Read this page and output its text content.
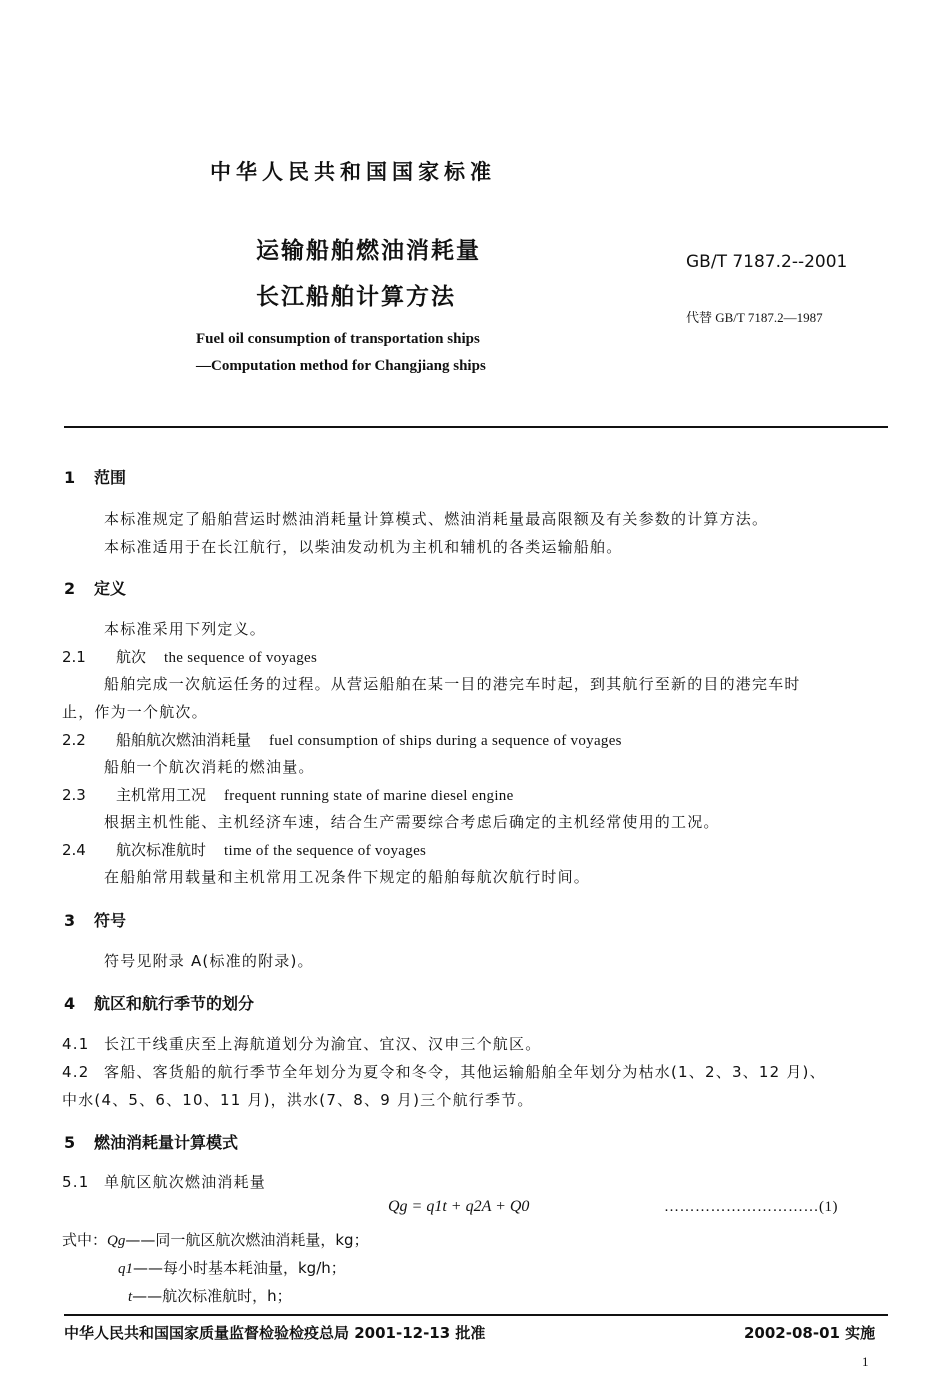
中华人民共和国国家标准
运输船舶燃油消耗量
长江船舶计算方法
GB/T 7187.2--2001
代替 GB/T 7187.2—1987
Fuel oil consumption of transportation ships
—Computation method for Changjiang ships
1 范围
本标准规定了船舶营运时燃油消耗量计算模式、燃油消耗量最高限额及有关参数的计算方法。
本标准适用于在长江航行，以柴油发动机为主机和辅机的各类运输船舶。
2 定义
本标准采用下列定义。
2.1 航次 the sequence of voyages
船舶完成一次航运任务的过程。从营运船舶在某一目的港完车时起，到其航行至新的目的港完车时
止，作为一个航次。
2.2 船舶航次燃油消耗量 fuel consumption of ships during a sequence of voyages
船舶一个航次消耗的燃油量。
2.3 主机常用工况 frequent running state of marine diesel engine
根据主机性能、主机经济车速，结合生产需要综合考虑后确定的主机经常使用的工况。
2.4 航次标准航时 time of the sequence of voyages
在船舶常用载量和主机常用工况条件下规定的船舶每航次航行时间。
3 符号
符号见附录 A(标准的附录)。
4 航区和航行季节的划分
4.1 长江干线重庆至上海航道划分为渝宜、宜汉、汉申三个航区。
4.2 客船、客货船的航行季节全年划分为夏令和冬令，其他运输船舶全年划分为枯水(1、2、3、12 月)、
中水(4、5、6、10、11 月)，洪水(7、8、9 月)三个航行季节。
5 燃油消耗量计算模式
5.1 单航区航次燃油消耗量
Qg = q1t + q2A + Q0	…………………………(1)
式中：Qg——同一航区航次燃油消耗量，kg；
q1——每小时基本耗油量，kg/h；
t——航次标准航时，h；
中华人民共和国国家质量监督检验检疫总局 2001-12-13 批准	2002-08-01 实施
1
